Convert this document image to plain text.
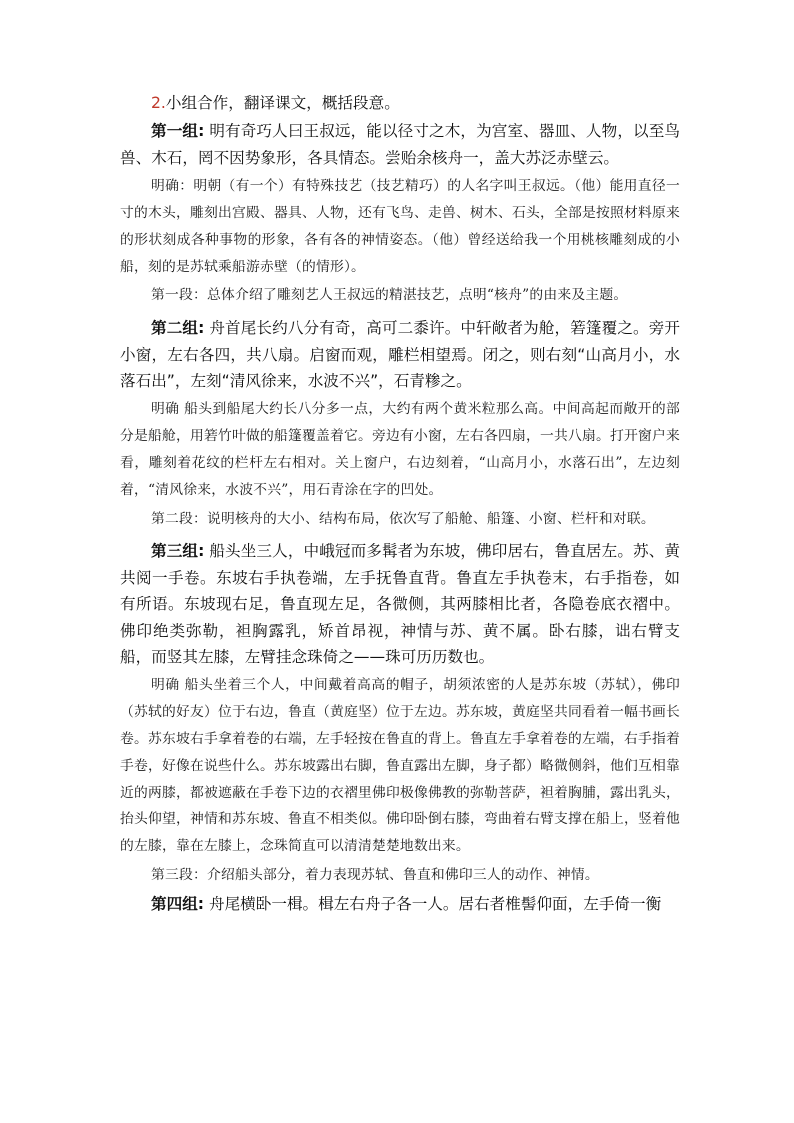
2.小组合作，翻译课文，概括段意。

第一组: 明有奇巧人曰王叔远，能以径寸之木，为宫室、器皿、人物，以至鸟兽、木石，罔不因势象形，各具情态。尝贻余核舟一，盖大苏泛赤壁云。

明确：明朝（有一个）有特殊技艺（技艺精巧）的人名字叫王叔远。（他）能用直径一寸的木头，雕刻出宫殿、器具、人物，还有飞鸟、走兽、树木、石头，全部是按照材料原来的形状刻成各种事物的形象，各有各的神情姿态。（他）曾经送给我一个用桃核雕刻成的小船，刻的是苏轼乘船游赤壁（的情形）。

第一段：总体介绍了雕刻艺人王叔远的精湛技艺，点明“核舟”的由来及主题。

第二组: 舟首尾长约八分有奇，高可二黍许。中轩敞者为舱，箬篷覆之。旁开小窗，左右各四，共八扇。启窗而观，雕栏相望焉。闭之，则右刻“山高月小，水落石出”，左刻“清风徐来，水波不兴”，石青糁之。

明确 船头到船尾大约长八分多一点，大约有两个黄米粒那么高。中间高起而敞开的部分是船舱，用箬竹叶做的船篷覆盖着它。旁边有小窗，左右各四扇，一共八扇。打开窗户来看，雕刻着花纹的栏杆左右相对。关上窗户，右边刻着，“山高月小，水落石出”，左边刻着，“清风徐来，水波不兴”，用石青涂在字的凹处。

第二段：说明核舟的大小、结构布局，依次写了船舱、船篷、小窗、栏杆和对联。

第三组: 船头坐三人，中峨冠而多髯者为东坡，佛印居右，鲁直居左。苏、黄共阅一手卷。东坡右手执卷端，左手抚鲁直背。鲁直左手执卷末，右手指卷，如有所语。东坡现右足，鲁直现左足，各微侧，其两膝相比者，各隐卷底衣褶中。佛印绝类弥勒，袒胸露乳，矫首昂视，神情与苏、黄不属。卧右膝，诎右臂支船，而竖其左膝，左臂挂念珠倚之——珠可历历数也。

明确 船头坐着三个人，中间戴着高高的帽子，胡须浓密的人是苏东坡（苏轼），佛印（苏轼的好友）位于右边，鲁直（黄庭坚）位于左边。苏东坡，黄庭坚共同看着一幅书画长卷。苏东坡右手拿着卷的右端，左手轻按在鲁直的背上。鲁直左手拿着卷的左端，右手指着手卷，好像在说些什么。苏东坡露出右脚，鲁直露出左脚，身子都）略微侧斜，他们互相靠近的两膝，都被遮蔽在手卷下边的衣褶里佛印极像佛教的弥勒菩萨，袒着胸脯，露出乳头，抬头仰望，神情和苏东坡、鲁直不相类似。佛印卧倒右膝，弯曲着右臂支撑在船上，竖着他的左膝，靠在左膝上，念珠简直可以清清楚楚地数出来。

第三段：介绍船头部分，着力表现苏轼、鲁直和佛印三人的动作、神情。

第四组: 舟尾横卧一楫。楫左右舟子各一人。居右者椎髻仰面，左手倚一衡
